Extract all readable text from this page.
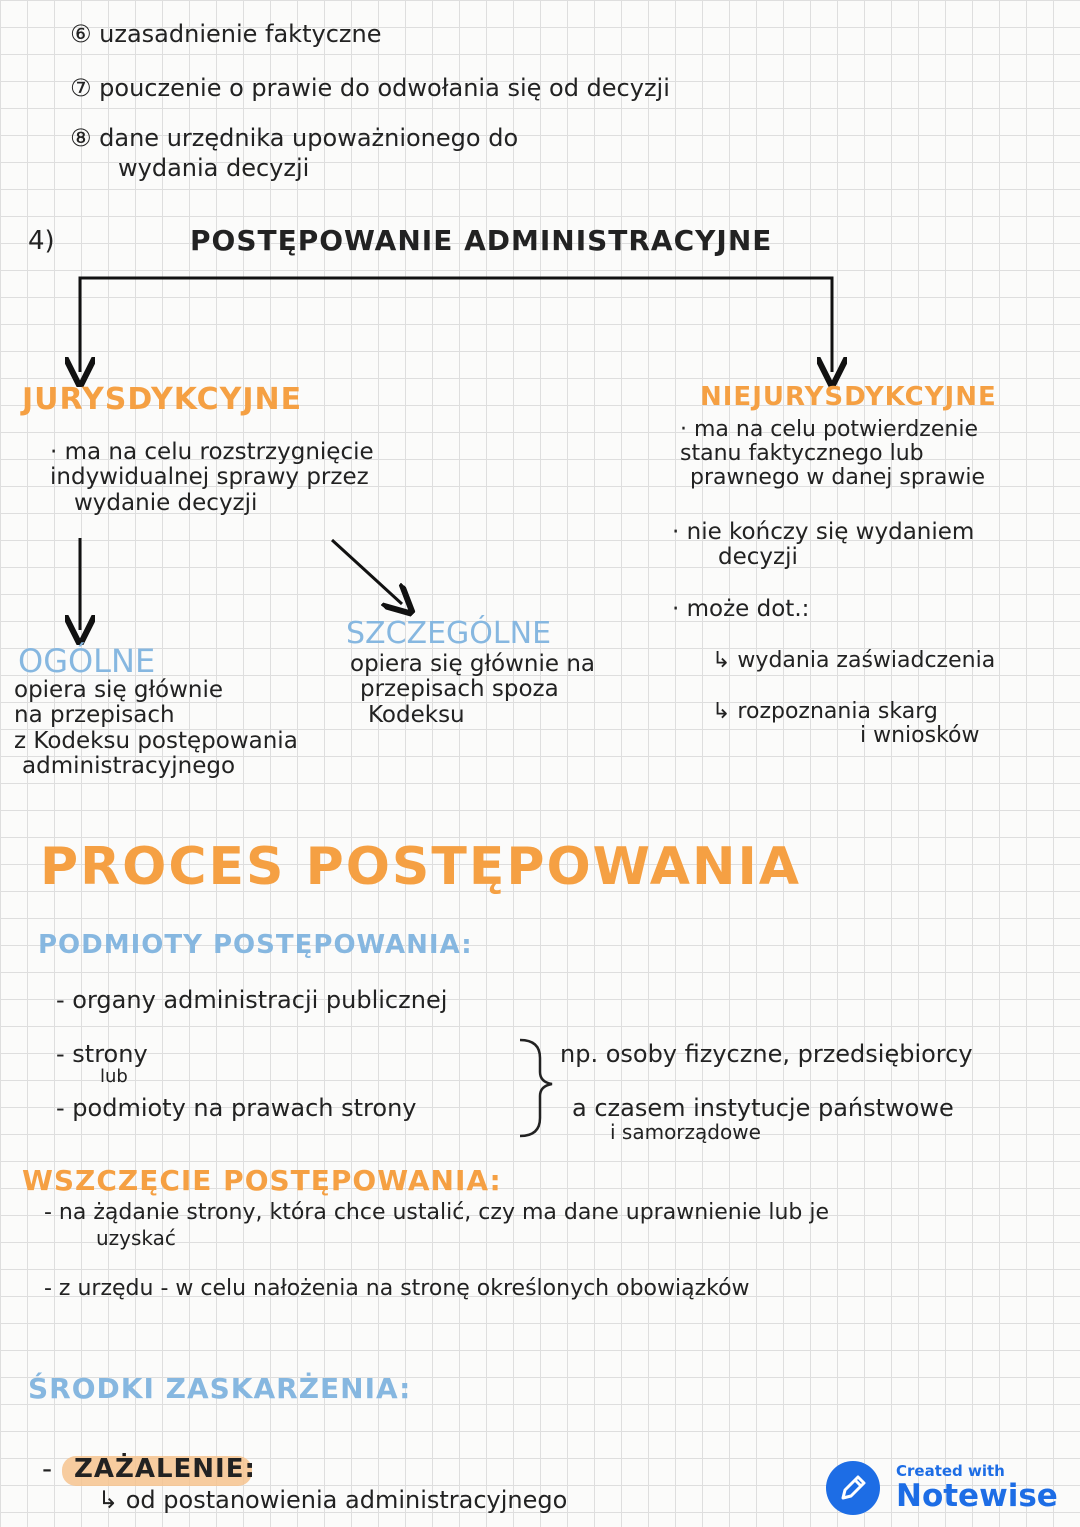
⑥ uzasadnienie faktyczne
⑦ pouczenie o prawie do odwołania się od decyzji
⑧ dane urzędnika upoważnionego do
wydania decyzji
4)	POSTĘPOWANIE ADMINISTRACYJNE
JURYSDYKCYJNE
· ma na celu rozstrzygnięcie
indywidualnej sprawy przez
wydanie decyzji
OGÓLNE
opiera się głównie
na przepisach
z Kodeksu postępowania
administracyjnego
SZCZEGÓLNE
opiera się głównie na
przepisach spoza
Kodeksu
NIEJURYSDYKCYJNE
· ma na celu potwierdzenie
stanu faktycznego lub
prawnego w danej sprawie
· nie kończy się wydaniem
decyzji
· może dot.:
↳ wydania zaświadczenia
↳ rozpoznania skarg
i wniosków
PROCES POSTĘPOWANIA
PODMIOTY POSTĘPOWANIA:
- organy administracji publicznej
- strony
lub
- podmioty na prawach strony
np. osoby fizyczne, przedsiębiorcy
a czasem instytucje państwowe
i samorządowe
WSZCZĘCIE POSTĘPOWANIA:
- na żądanie strony, która chce ustalić, czy ma dane uprawnienie lub je
uzyskać
- z urzędu - w celu nałożenia na stronę określonych obowiązków
ŚRODKI ZASKARŻENIA:
- ZAŻALENIE:
↳ od postanowienia administracyjnego
Created with
Notewise
